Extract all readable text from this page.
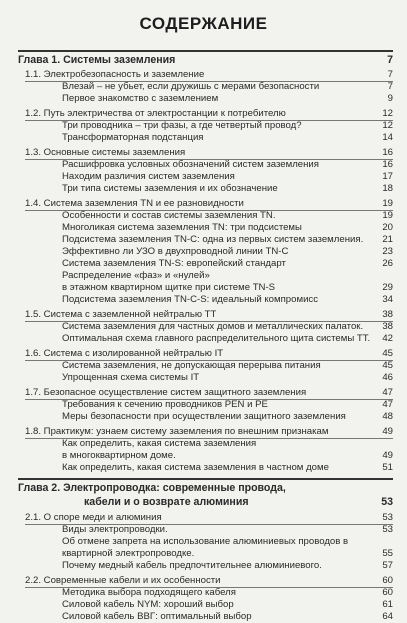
СОДЕРЖАНИЕ
Глава 1. Системы заземления	7
1.1. Электробезопасность и заземление	7
Влезай – не убьет, если дружишь с мерами безопасности	7
Первое знакомство с заземлением	9
1.2. Путь электричества от электростанции к потребителю	12
Три проводника – три фазы, а где четвертый провод?	12
Трансформаторная подстанция	14
1.3. Основные системы заземления	16
Расшифровка условных обозначений систем заземления	16
Находим различия систем заземления	17
Три типа системы заземления и их обозначение	18
1.4. Система заземления TN и ее разновидности	19
Особенности и состав системы заземления TN.	19
Многоликая система заземления TN: три подсистемы	20
Подсистема заземления TN-C: одна из первых систем заземления. 21
Эффективно ли УЗО в двухпроводной линии TN-C	23
Система заземления TN-S: европейский стандарт	26
Распределение «фаз» и «нулей»
в этажном квартирном щитке при системе TN-S	29
Подсистема заземления TN-C-S: идеальный компромисс	34
1.5. Система с заземленной нейтралью TT	38
Система заземления для частных домов и металлических палаток. 38
Оптимальная схема главного распределительного щита системы TT. 42
1.6. Система с изолированной нейтралью IT	45
Система заземления, не допускающая перерыва питания	45
Упрощенная схема системы IT	46
1.7. Безопасное осуществление систем защитного заземления	47
Требования к сечению проводников PEN и PE	47
Меры безопасности при осуществлении защитного заземления	48
1.8. Практикум: узнаем систему заземления по внешним признакам	49
Как определить, какая система заземления
в многоквартирном доме.	49
Как определить, какая система заземления в частном доме	51
Глава 2. Электропроводка: современные провода,
кабели и о возврате алюминия	53
2.1. О споре меди и алюминия	53
Виды электропроводки.	53
Об отмене запрета на использование алюминиевых проводов в
квартирной электропроводке.	55
Почему медный кабель предпочтительнее алюминиевого.	57
2.2. Современные кабели и их особенности	60
Методика выбора подходящего кабеля	60
Силовой кабель NYM: хороший выбор	61
Силовой кабель ВВГ: оптимальный выбор	64
